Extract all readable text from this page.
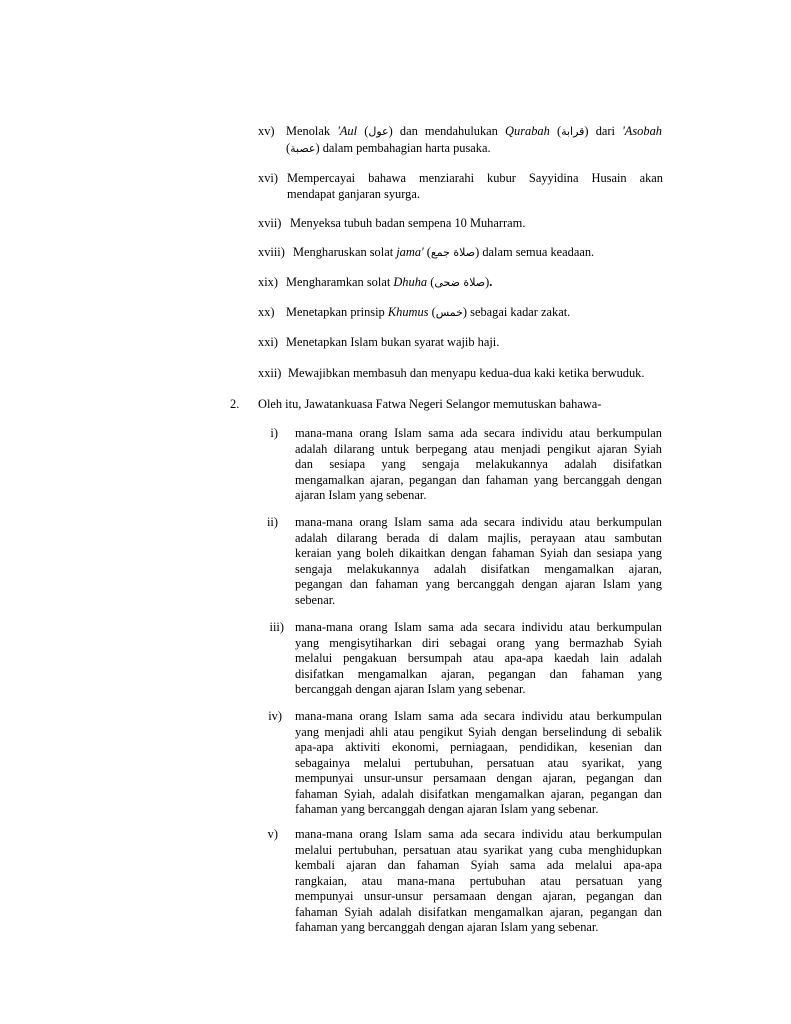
xv) Menolak 'Aul (عول) dan mendahulukan Qurabah (قرابة) dari 'Asobah
(عصبة) dalam pembahagian harta pusaka.
xvi) Mempercayai bahawa menziarahi kubur Sayyidina Husain akan
mendapat ganjaran syurga.
xvii) Menyeksa tubuh badan sempena 10 Muharram.
xviii) Mengharuskan solat jama' (صلاة جمع) dalam semua keadaan.
xix) Mengharamkan solat Dhuha (صلاة ضحى).
xx) Menetapkan prinsip Khumus (خمس) sebagai kadar zakat.
xxi) Menetapkan Islam bukan syarat wajib haji.
xxii) Mewajibkan membasuh dan menyapu kedua-dua kaki ketika berwuduk.
2. Oleh itu, Jawatankuasa Fatwa Negeri Selangor memutuskan bahawa-
i) mana-mana orang Islam sama ada secara individu atau berkumpulan
adalah dilarang untuk berpegang atau menjadi pengikut ajaran Syiah
dan sesiapa yang sengaja melakukannya adalah disifatkan
mengamalkan ajaran, pegangan dan fahaman yang bercanggah dengan
ajaran Islam yang sebenar.
ii) mana-mana orang Islam sama ada secara individu atau berkumpulan
adalah dilarang berada di dalam majlis, perayaan atau sambutan
keraian yang boleh dikaitkan dengan fahaman Syiah dan sesiapa yang
sengaja melakukannya adalah disifatkan mengamalkan ajaran,
pegangan dan fahaman yang bercanggah dengan ajaran Islam yang
sebenar.
iii) mana-mana orang Islam sama ada secara individu atau berkumpulan
yang mengisytiharkan diri sebagai orang yang bermazhab Syiah
melalui pengakuan bersumpah atau apa-apa kaedah lain adalah
disifatkan mengamalkan ajaran, pegangan dan fahaman yang
bercanggah dengan ajaran Islam yang sebenar.
iv) mana-mana orang Islam sama ada secara individu atau berkumpulan
yang menjadi ahli atau pengikut Syiah dengan berselindung di sebalik
apa-apa aktiviti ekonomi, perniagaan, pendidikan, kesenian dan
sebagainya melalui pertubuhan, persatuan atau syarikat, yang
mempunyai unsur-unsur persamaan dengan ajaran, pegangan dan
fahaman Syiah, adalah disifatkan mengamalkan ajaran, pegangan dan
fahaman yang bercanggah dengan ajaran Islam yang sebenar.
v) mana-mana orang Islam sama ada secara individu atau berkumpulan
melalui pertubuhan, persatuan atau syarikat yang cuba menghidupkan
kembali ajaran dan fahaman Syiah sama ada melalui apa-apa
rangkaian, atau mana-mana pertubuhan atau persatuan yang
mempunyai unsur-unsur persamaan dengan ajaran, pegangan dan
fahaman Syiah adalah disifatkan mengamalkan ajaran, pegangan dan
fahaman yang bercanggah dengan ajaran Islam yang sebenar.
